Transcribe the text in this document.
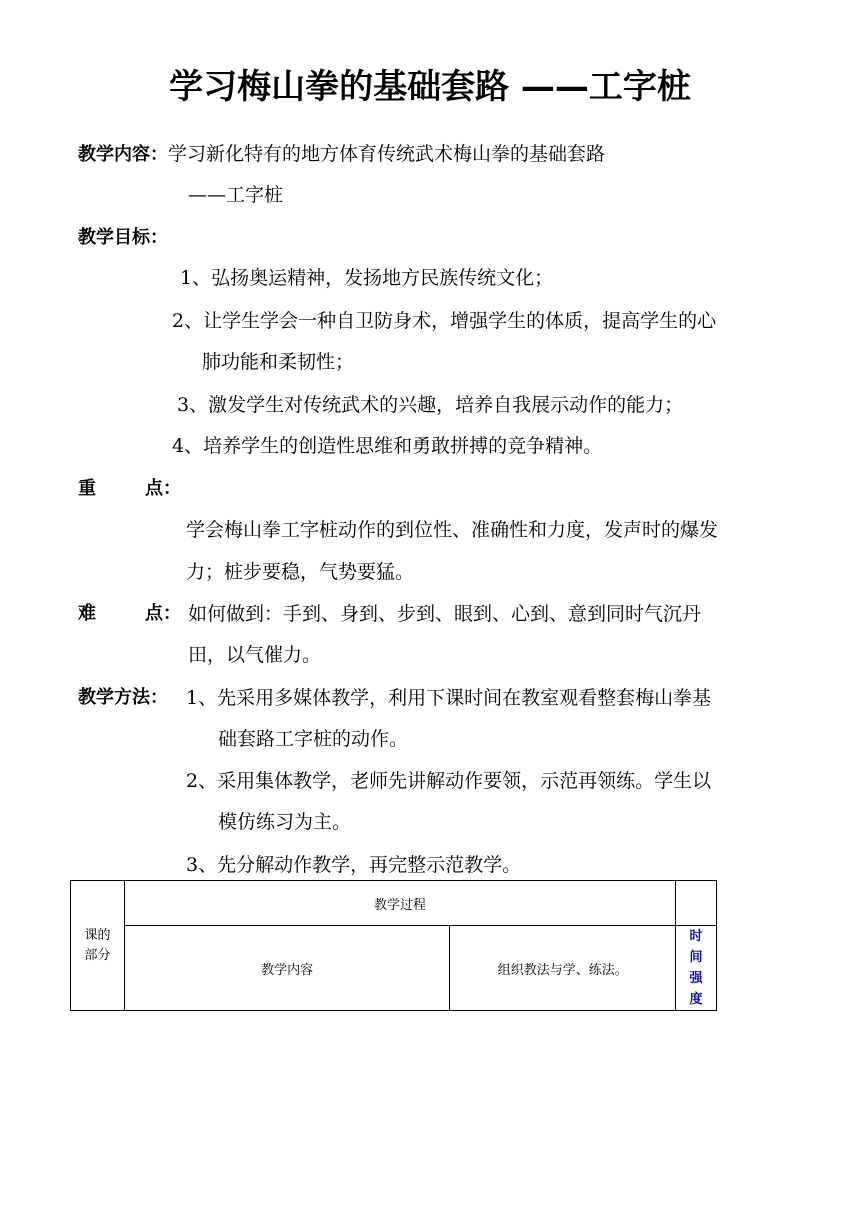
学习梅山拳的基础套路 ——工字桩
教学内容：学习新化特有的地方体育传统武术梅山拳的基础套路
——工字桩
教学目标：
1、弘扬奥运精神，发扬地方民族传统文化；
2、让学生学会一种自卫防身术，增强学生的体质，提高学生的心
肺功能和柔韧性；
3、激发学生对传统武术的兴趣，培养自我展示动作的能力；
4、培养学生的创造性思维和勇敢拼搏的竞争精神。
重	点：
学会梅山拳工字桩动作的到位性、准确性和力度，发声时的爆发
力；桩步要稳，气势要猛。
难	点： 如何做到：手到、身到、步到、眼到、心到、意到同时气沉丹
田，以气催力。
教学方法： 1、先采用多媒体教学，利用下课时间在教室观看整套梅山拳基
础套路工字桩的动作。
2、采用集体教学，老师先讲解动作要领，示范再领练。学生以
模仿练习为主。
3、先分解动作教学，再完整示范教学。
课的部分	教学过程		
	教学内容	组织教法与学、练法。	时间强度
